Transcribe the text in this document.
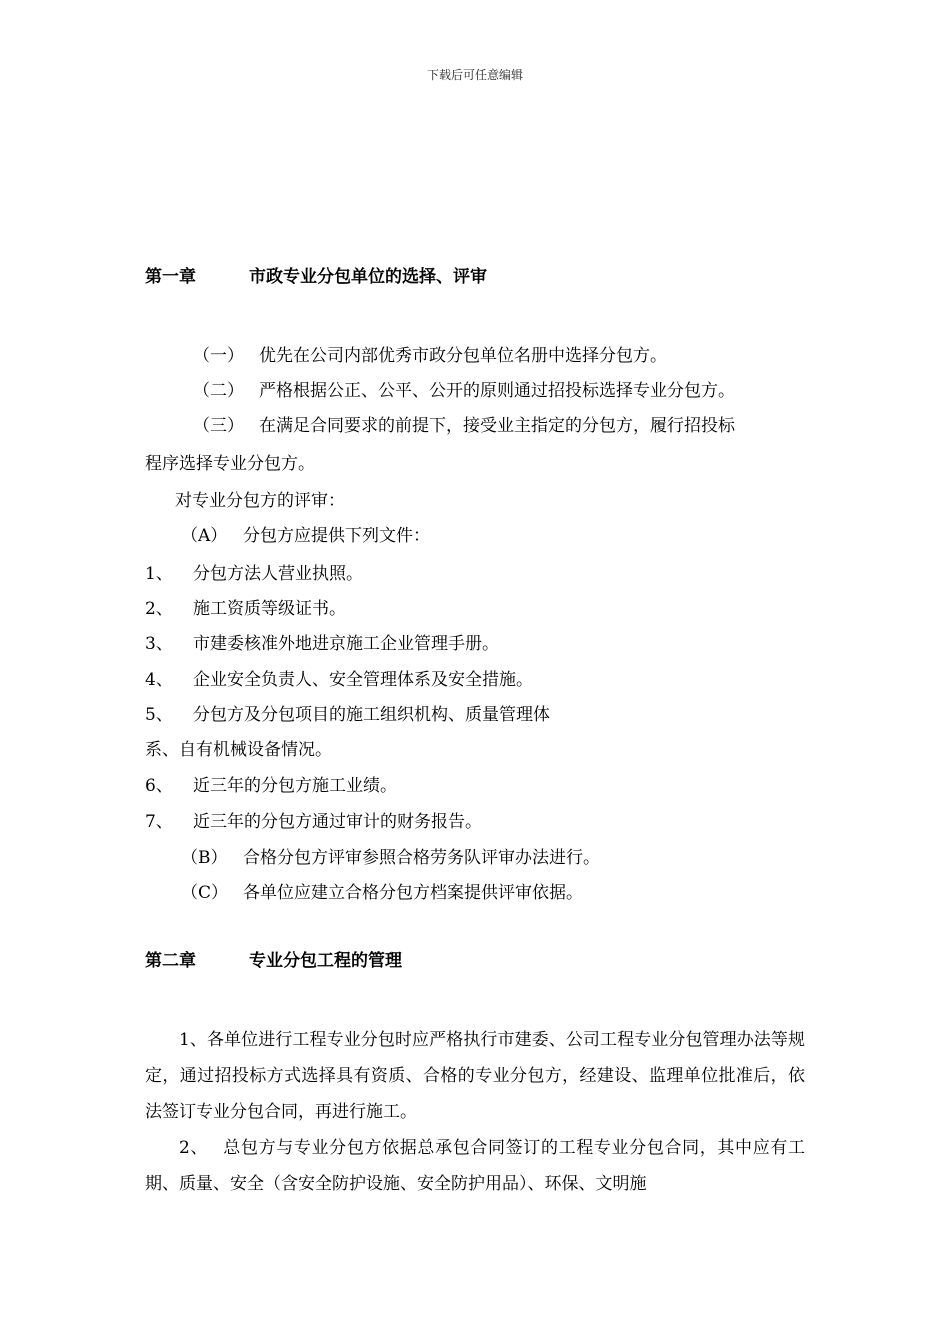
下载后可任意编辑
第一章	市政专业分包单位的选择、评审
（一） 优先在公司内部优秀市政分包单位名册中选择分包方。
（二） 严格根据公正、公平、公开的原则通过招投标选择专业分包方。
（三） 在满足合同要求的前提下，接受业主指定的分包方，履行招投标
程序选择专业分包方。
对专业分包方的评审：
（A） 分包方应提供下列文件：
1、 分包方法人营业执照。
2、 施工资质等级证书。
3、 市建委核准外地进京施工企业管理手册。
4、 企业安全负责人、安全管理体系及安全措施。
5、 分包方及分包项目的施工组织机构、质量管理体
系、自有机械设备情况。
6、 近三年的分包方施工业绩。
7、 近三年的分包方通过审计的财务报告。
（B） 合格分包方评审参照合格劳务队评审办法进行。
（C） 各单位应建立合格分包方档案提供评审依据。
第二章	专业分包工程的管理

1、各单位进行工程专业分包时应严格执行市建委、公司工程专业分包管理办法等规定，通过招投标方式选择具有资质、合格的专业分包方，经建设、监理单位批准后，依法签订专业分包合同，再进行施工。

2、　 总包方与专业分包方依据总承包合同签订的工程专业分包合同，其中应有工期、质量、安全（含安全防护设施、安全防护用品）、环保、文明施
